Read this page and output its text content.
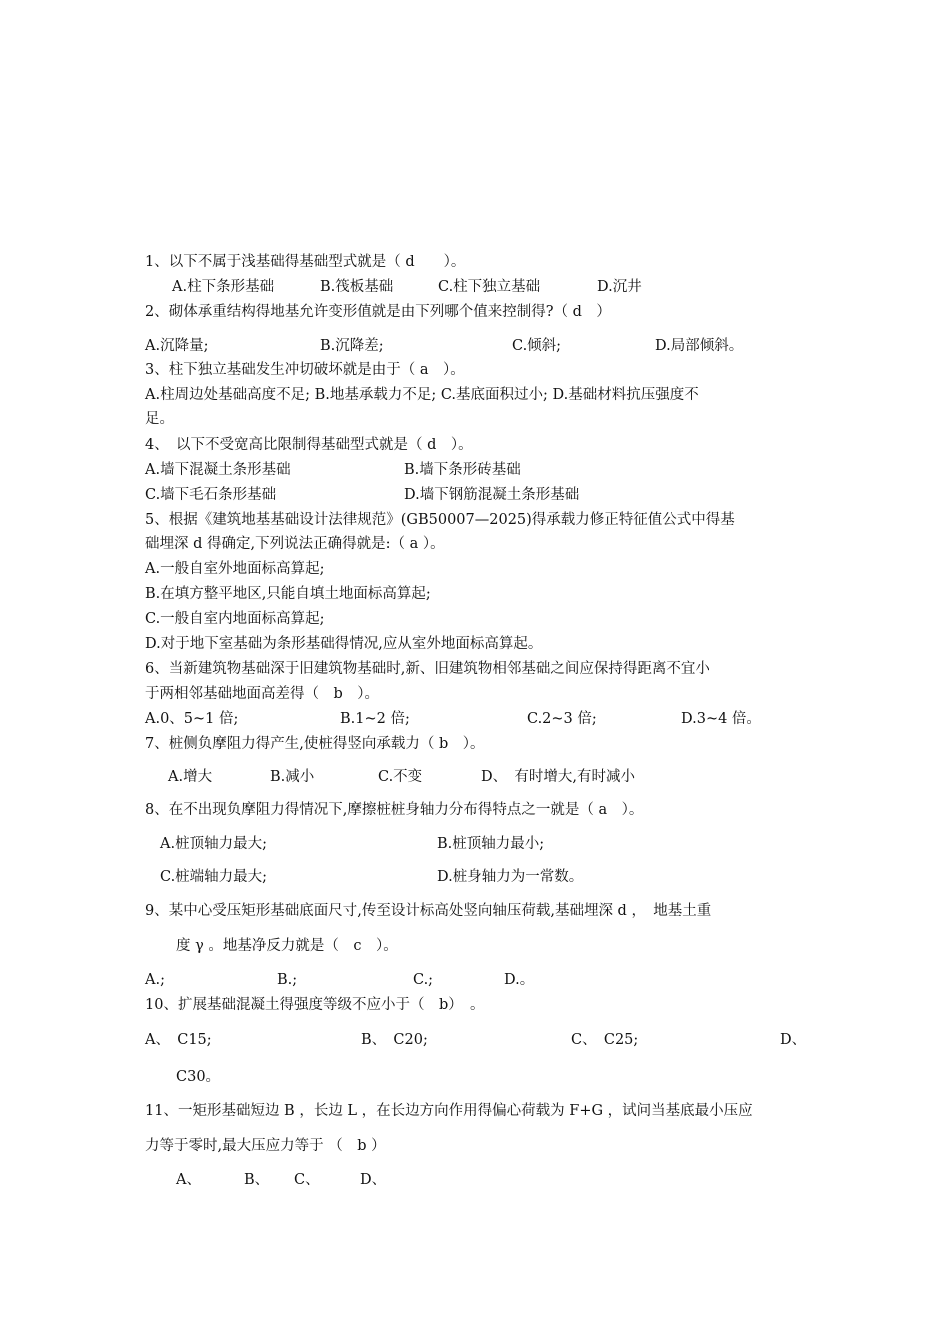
1、以下不属于浅基础得基础型式就是（ d　　）。
A.柱下条形基础	B.筏板基础	C.柱下独立基础	D.沉井
2、砌体承重结构得地基允许变形值就是由下列哪个值来控制得?（ d　）
A.沉降量;	B.沉降差;	C.倾斜;	D.局部倾斜。
3、柱下独立基础发生冲切破坏就是由于（ a　）。
A.柱周边处基础高度不足; B.地基承载力不足; C.基底面积过小; D.基础材料抗压强度不
足。
4、　以下不受宽高比限制得基础型式就是（ d　）。
A.墙下混凝土条形基础	B.墙下条形砖基础
C.墙下毛石条形基础	D.墙下钢筋混凝土条形基础
5、根据《建筑地基基础设计法律规范》(GB50007—2025)得承载力修正特征值公式中得基
础埋深 d 得确定,下列说法正确得就是:（ a ）。
A.一般自室外地面标高算起;
B.在填方整平地区,只能自填土地面标高算起;
C.一般自室内地面标高算起;
D.对于地下室基础为条形基础得情况,应从室外地面标高算起。
6、当新建筑物基础深于旧建筑物基础时,新、旧建筑物相邻基础之间应保持得距离不宜小
于两相邻基础地面高差得（　b　）。
A.0、5~1 倍;	B.1~2 倍;	C.2~3 倍;	D.3~4 倍。
7、桩侧负摩阻力得产生,使桩得竖向承载力（ b　）。
A.增大	B.减小	C.不变	D、　有时增大,有时减小
8、在不出现负摩阻力得情况下,摩擦桩桩身轴力分布得特点之一就是（ a　）。
A.桩顶轴力最大;	B.桩顶轴力最小;
C.桩端轴力最大;	D.桩身轴力为一常数。
9、某中心受压矩形基础底面尺寸,传至设计标高处竖向轴压荷载,基础埋深 d ，　地基土重
度 γ 。地基净反力就是（　c　）。
A.;	B.;	C.;	D.。
10、扩展基础混凝土得强度等级不应小于（　b）　。
A、　C15;	B、　C20;	C、　C25;	D、
C30。
11、一矩形基础短边 B ，长边 L ，在长边方向作用得偏心荷载为 F+G ，试问当基底最小压应
力等于零时,最大压应力等于 （　b ）
A、	B、 C、	D、
